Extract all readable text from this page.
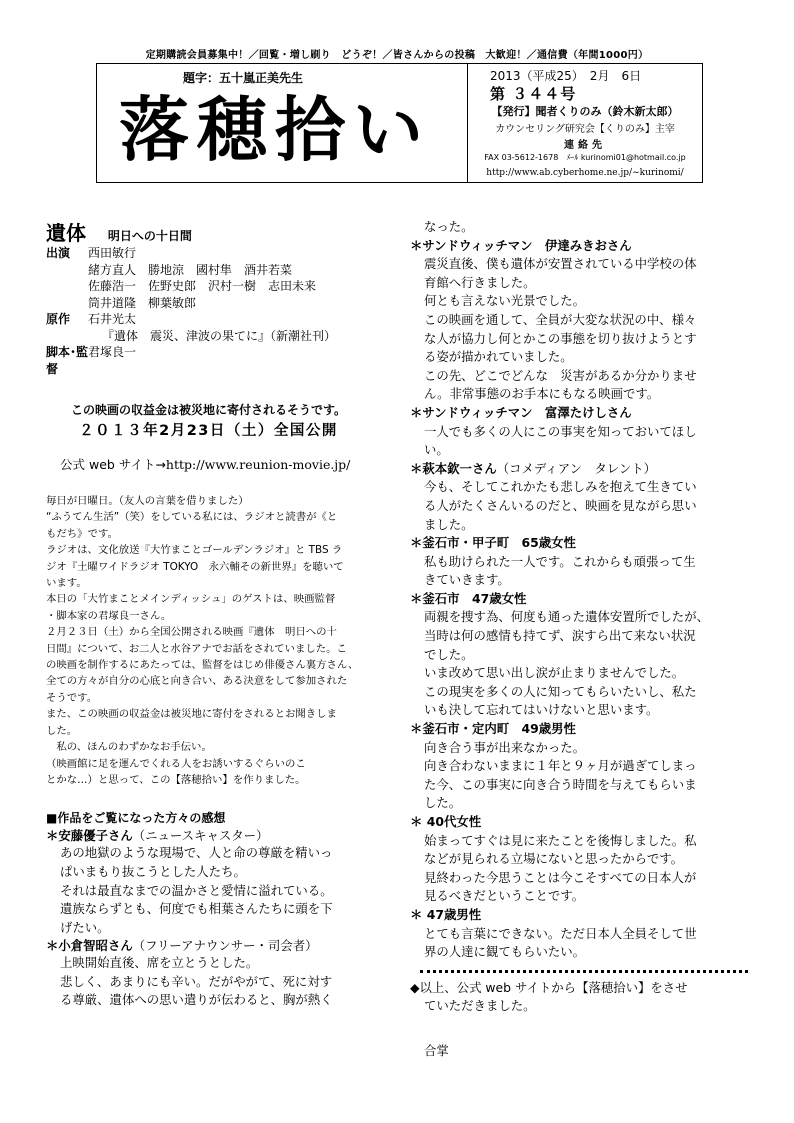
定期購読会員募集中！／回覧・増し刷り　どうぞ！／皆さんからの投稿　大歓迎！／通信費（年間1000円）
題字：五十嵐正美先生
落穂拾い
2013（平成25）　2月　6日
第 ３４４号
【発行】聞者くりのみ（鈴木新太郎）
カウンセリング研究会【くりのみ】主宰
連絡先
FAX 03-5612-1678　ﾒｰﾙ kurinomi01@hotmail.co.jp
http://www.ab.cyberhome.ne.jp/~kurinomi/
遺体 明日への十日間
出演	西田敏行
緒方直人　勝地涼　國村隼　酒井若菜
佐藤浩一　佐野史郎　沢村一樹　志田未来
筒井道隆　柳葉敏郎
原作	石井光太
『遺体　震災、津波の果てに』（新潮社刊）
脚本･監督
君塚良一
この映画の収益金は被災地に寄付されるそうです。
２０１３年2月23日（土）全国公開
公式 web サイト→http://www.reunion-movie.jp/

毎日が日曜日。（友人の言葉を借りました）

“ふうてん生活”（笑）をしている私には、ラジオと読書が《と

もだち》です。

ラジオは、文化放送『大竹まことゴールデンラジオ』と TBS ラ

ジオ『土曜ワイドラジオ TOKYO　永六輔その新世界』を聴いて

います。

本日の「大竹まことメインディッシュ」のゲストは、映画監督

・脚本家の君塚良一さん。

２月２３日（土）から全国公開される映画『遺体　明日への十

日間』について、お二人と水谷アナでお話をされていました。こ

の映画を制作するにあたっては、監督をはじめ俳優さん裏方さん、

全ての方々が自分の心底と向き合い、ある決意をして参加された

そうです。

また、この映画の収益金は被災地に寄付をされるとお聞きしま

した。

　私の、ほんのわずかなお手伝い。

（映画館に足を運んでくれる人をお誘いするぐらいのこ

とかな…）と思って、この【落穂拾い】を作りました。

■作品をご覧になった方々の感想
＊安藤優子さん（ニュースキャスター）
あの地獄のような現場で、人と命の尊厳を精いっ
ぱいまもり抜こうとした人たち。
それは最直なまでの温かさと愛情に溢れている。
遺族ならずとも、何度でも相葉さんたちに頭を下
げたい。
＊小倉智昭さん（フリーアナウンサー・司会者）
上映開始直後、席を立とうとした。
悲しく、あまりにも辛い。だがやがて、死に対す
る尊厳、遺体への思い遣りが伝わると、胸が熱く
なった。
＊サンドウィッチマン　伊達みきおさん
震災直後、僕も遺体が安置されている中学校の体
育館へ行きました。
何とも言えない光景でした。
この映画を通して、全員が大変な状況の中、様々
な人が協力し何とかこの事態を切り抜けようとす
る姿が描かれていました。
この先、どこでどんな　災害があるか分かりませ
ん。非常事態のお手本にもなる映画です。
＊サンドウィッチマン　富澤たけしさん
一人でも多くの人にこの事実を知っておいてほし
い。
＊萩本欽一さん（コメディアン　タレント）
今も、そしてこれかたも悲しみを抱えて生きてい
る人がたくさんいるのだと、映画を見ながら思い
ました。
＊釜石市・甲子町　65歳女性
私も助けられた一人です。これからも頑張って生
きていきます。
＊釜石市　47歳女性
両親を捜す為、何度も通った遺体安置所でしたが、
当時は何の感情も持てず、涙すら出て来ない状況
でした。
いま改めて思い出し涙が止まりませんでした。
この現実を多くの人に知ってもらいたいし、私た
いも決して忘れてはいけないと思います。
＊釜石市・定内町　49歳男性
向き合う事が出来なかった。
向き合わないままに１年と９ヶ月が過ぎてしまっ
た今、この事実に向き合う時間を与えてもらいま
した。
＊ 40代女性
始まってすぐは見に来たことを後悔しました。私
などが見られる立場にないと思ったからです。
見終わった今思うことは今こそすべての日本人が
見るべきだということです。
＊ 47歳男性
とても言葉にできない。ただ日本人全員そして世
界の人達に観てもらいたい。
◆以上、公式 web サイトから【落穂拾い】をさせ
ていただきました。
合掌
